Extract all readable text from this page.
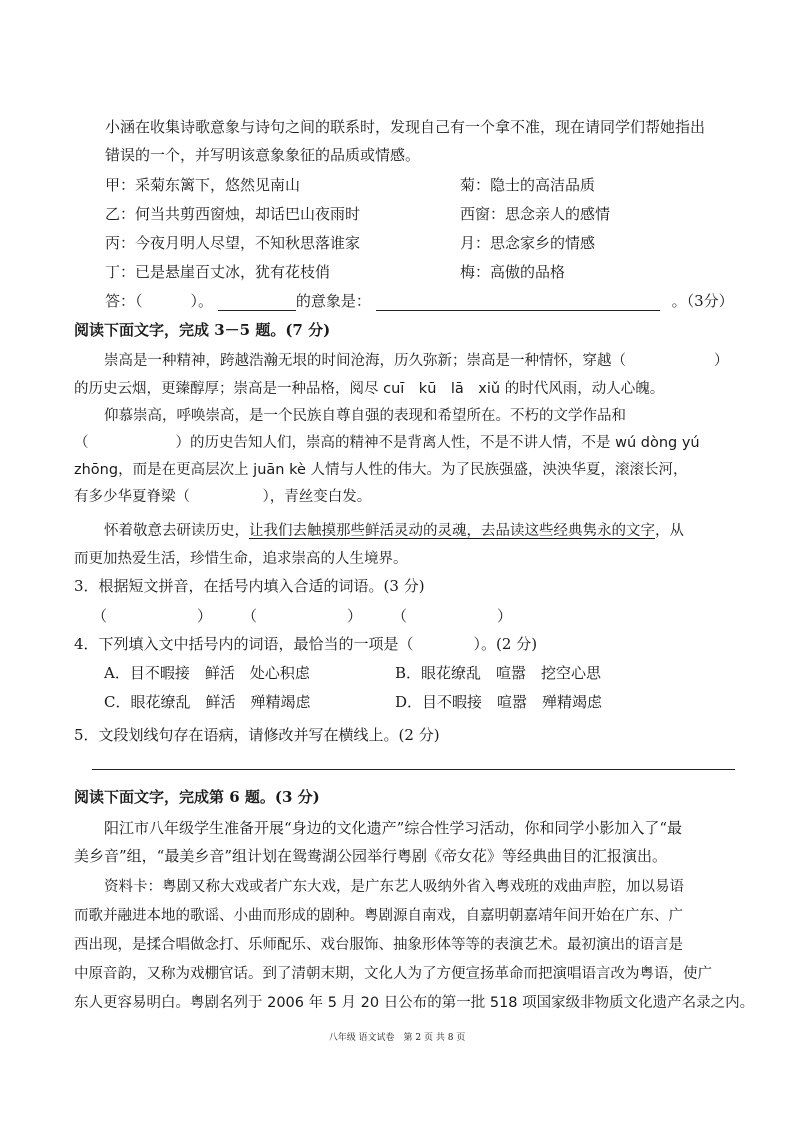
小涵在收集诗歌意象与诗句之间的联系时，发现自己有一个拿不准，现在请同学们帮她指出
错误的一个，并写明该意象象征的品质或情感。
甲：采菊东篱下，悠然见南山	菊：隐士的高洁品质
乙：何当共剪西窗烛，却话巴山夜雨时	西窗：思念亲人的感情
丙：今夜月明人尽望，不知秋思落谁家	月：思念家乡的情感
丁：已是悬崖百丈冰，犹有花枝俏	梅：高傲的品格
答：（	）。	的意象是：	。（3分）
阅读下面文字，完成 3－5 题。(7 分)
崇高是一种精神，跨越浩瀚无垠的时间沧海，历久弥新；崇高是一种情怀，穿越（	）
的历史云烟，更臻醇厚；崇高是一种品格，阅尽 cuī　kū　lā　xiǔ 的时代风雨，动人心魄。
仰慕崇高，呼唤崇高，是一个民族自尊自强的表现和希望所在。不朽的文学作品和
（　　　　　　）的历史告知人们，崇高的精神不是背离人性，不是不讲人情，不是 wú dòng yú
zhōng，而是在更高层次上 juān kè 人情与人性的伟大。为了民族强盛，泱泱华夏，滚滚长河，
有多少华夏脊梁（　　　　　），青丝变白发。
怀着敬意去研读历史，让我们去触摸那些鲜活灵动的灵魂，去品读这些经典隽永的文字，从
而更加热爱生活，珍惜生命，追求崇高的人生境界。
3．根据短文拼音，在括号内填入合适的词语。(3 分)
（　　　　　　）　　　（　　　　　　）　　　（　　　　　　）
4．下列填入文中括号内的词语，最恰当的一项是（　　　　）。(2 分)
A．目不暇接　鲜活　处心积虑	B．眼花缭乱　喧嚣　挖空心思
C．眼花缭乱　鲜活　殚精竭虑	D．目不暇接　喧嚣　殚精竭虑
5．文段划线句存在语病，请修改并写在横线上。(2 分)
阅读下面文字，完成第 6 题。(3 分)
阳江市八年级学生准备开展“身边的文化遗产”综合性学习活动，你和同学小影加入了“最
美乡音”组，“最美乡音”组计划在鸳鸯湖公园举行粤剧《帝女花》等经典曲目的汇报演出。
资料卡：粤剧又称大戏或者广东大戏，是广东艺人吸纳外省入粤戏班的戏曲声腔，加以易语
而歌并融进本地的歌谣、小曲而形成的剧种。粤剧源自南戏，自嘉明朝嘉靖年间开始在广东、广
西出现，是揉合唱做念打、乐师配乐、戏台服饰、抽象形体等等的表演艺术。最初演出的语言是
中原音韵，又称为戏棚官话。到了清朝末期，文化人为了方便宣扬革命而把演唱语言改为粤语，使广
东人更容易明白。粤剧名列于 2006 年 5 月 20 日公布的第一批 518 项国家级非物质文化遗产名录之内。
八年级 语文试卷　第 2 页 共 8 页
